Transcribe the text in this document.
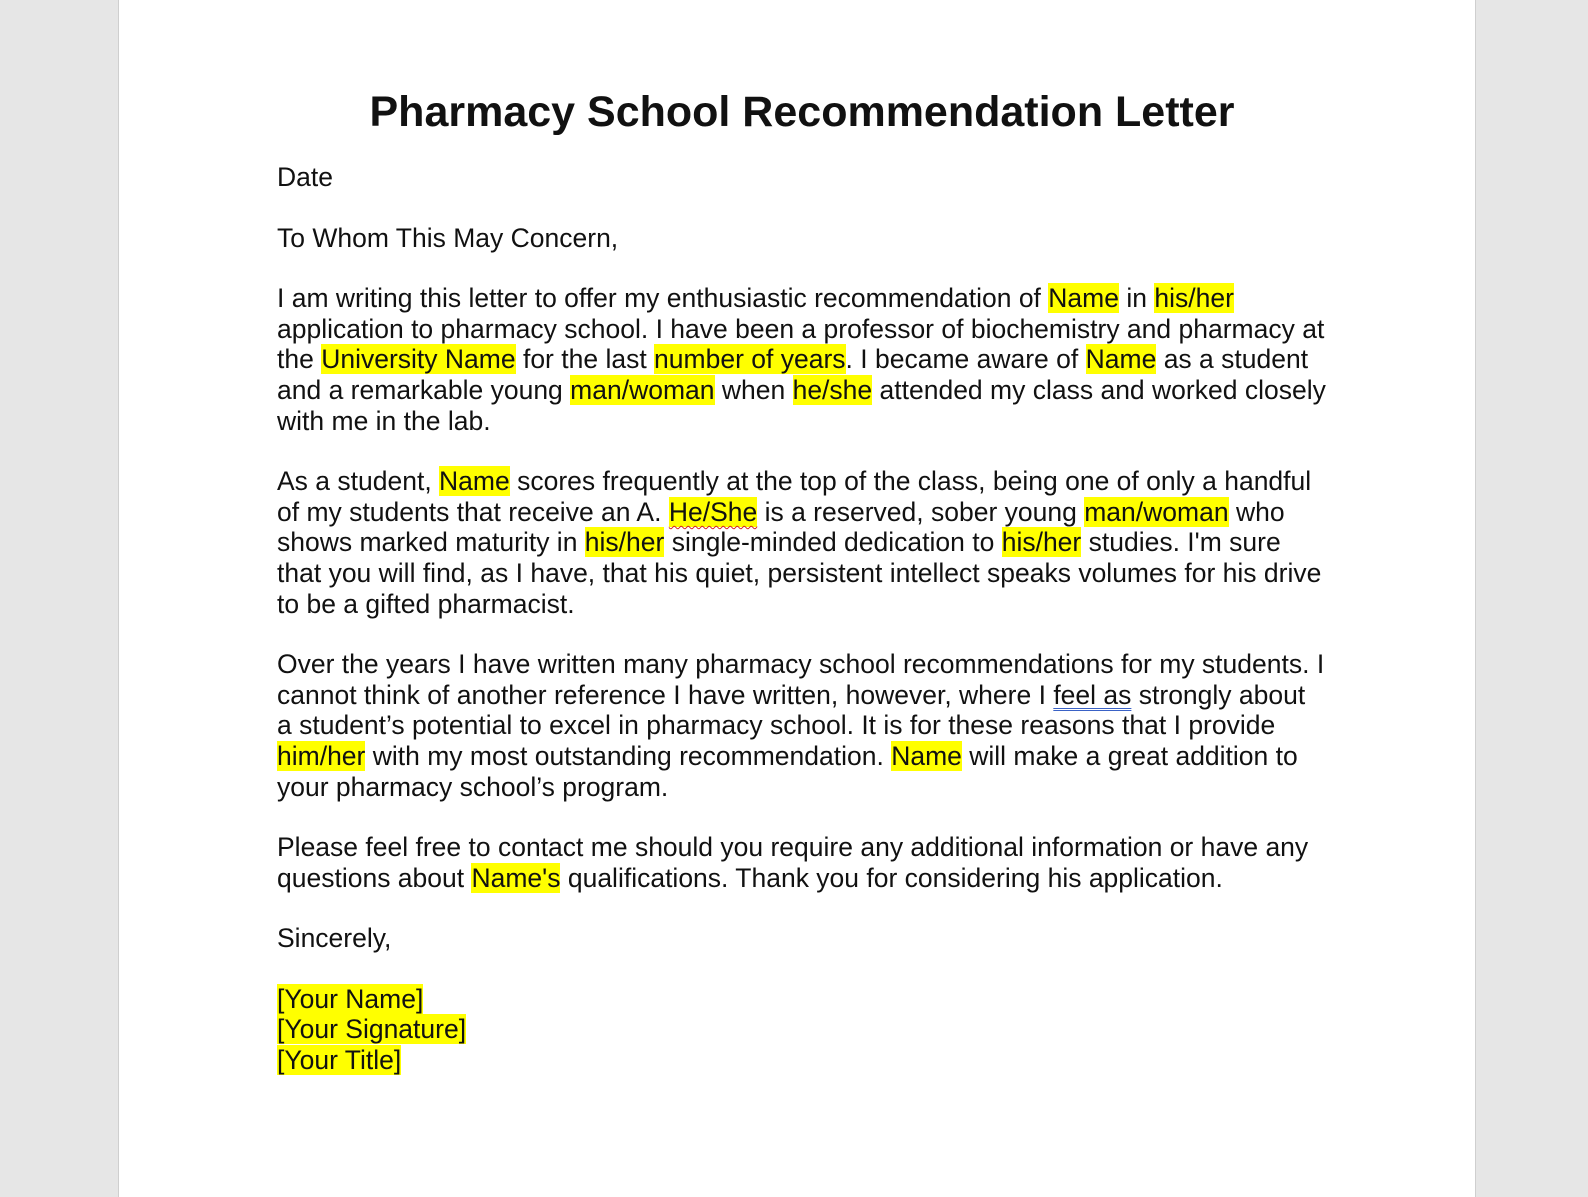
Pharmacy School Recommendation Letter

Date

To Whom This May Concern,

I am writing this letter to offer my enthusiastic recommendation of Name in his/her application to pharmacy school. I have been a professor of biochemistry and pharmacy at the University Name for the last number of years. I became aware of Name as a student and a remarkable young man/woman when he/she attended my class and worked closely with me in the lab.

As a student, Name scores frequently at the top of the class, being one of only a handful of my students that receive an A. He/She is a reserved, sober young man/woman who shows marked maturity in his/her single-minded dedication to his/her studies. I'm sure that you will find, as I have, that his quiet, persistent intellect speaks volumes for his drive to be a gifted pharmacist.

Over the years I have written many pharmacy school recommendations for my students. I cannot think of another reference I have written, however, where I feel as strongly about a student’s potential to excel in pharmacy school. It is for these reasons that I provide him/her with my most outstanding recommendation. Name will make a great addition to your pharmacy school’s program.

Please feel free to contact me should you require any additional information or have any questions about Name's qualifications. Thank you for considering his application.

Sincerely,

[Your Name]
[Your Signature]
[Your Title]
